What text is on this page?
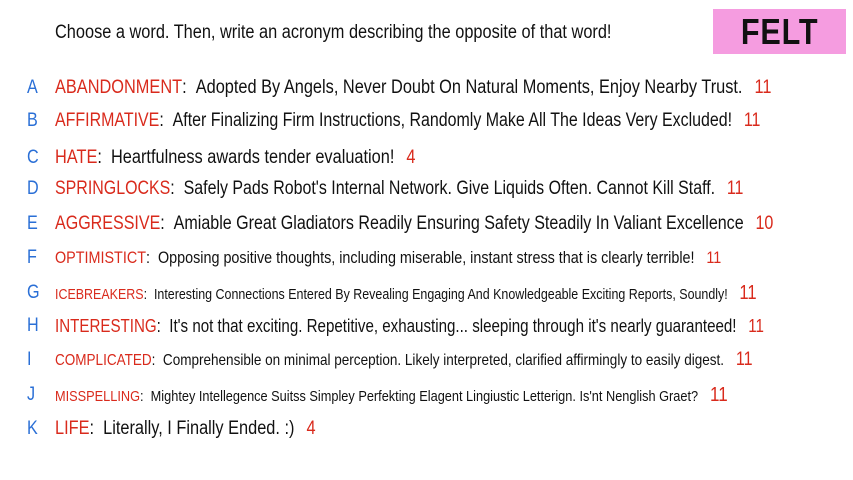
Choose a word. Then, write an acronym describing the opposite of that word!	FELT
A ABANDONMENT : Adopted By Angels, Never Doubt On Natural Moments, Enjoy Nearby Trust. 11
B AFFIRMATIVE : After Finalizing Firm Instructions, Randomly Make All The Ideas Very Excluded! 11
C HATE : Heartfulness awards tender evaluation! 4
D SPRINGLOCKS : Safely Pads Robot's Internal Network. Give Liquids Often. Cannot Kill Staff. 11
E AGGRESSIVE : Amiable Great Gladiators Readily Ensuring Safety Steadily In Valiant Excellence 10
F OPTIMISTICT : Opposing positive thoughts, including miserable, instant stress that is clearly terrible! 11
G ICEBREAKERS : Interesting Connections Entered By Revealing Engaging And Knowledgeable Exciting Reports, Soundly! 11
H INTERESTING : It's not that exciting. Repetitive, exhausting... sleeping through it's nearly guaranteed! 11
I	COMPLICATED : Comprehensible on minimal perception. Likely interpreted, clarified affirmingly to easily digest. 11
J	MISSPELLING : Mightey Intellegence Suitss Simpley Perfekting Elagent Lingiustic Letterign. Is'nt Nenglish Graet? 11
K LIFE : Literally, I Finally Ended. :) 4
